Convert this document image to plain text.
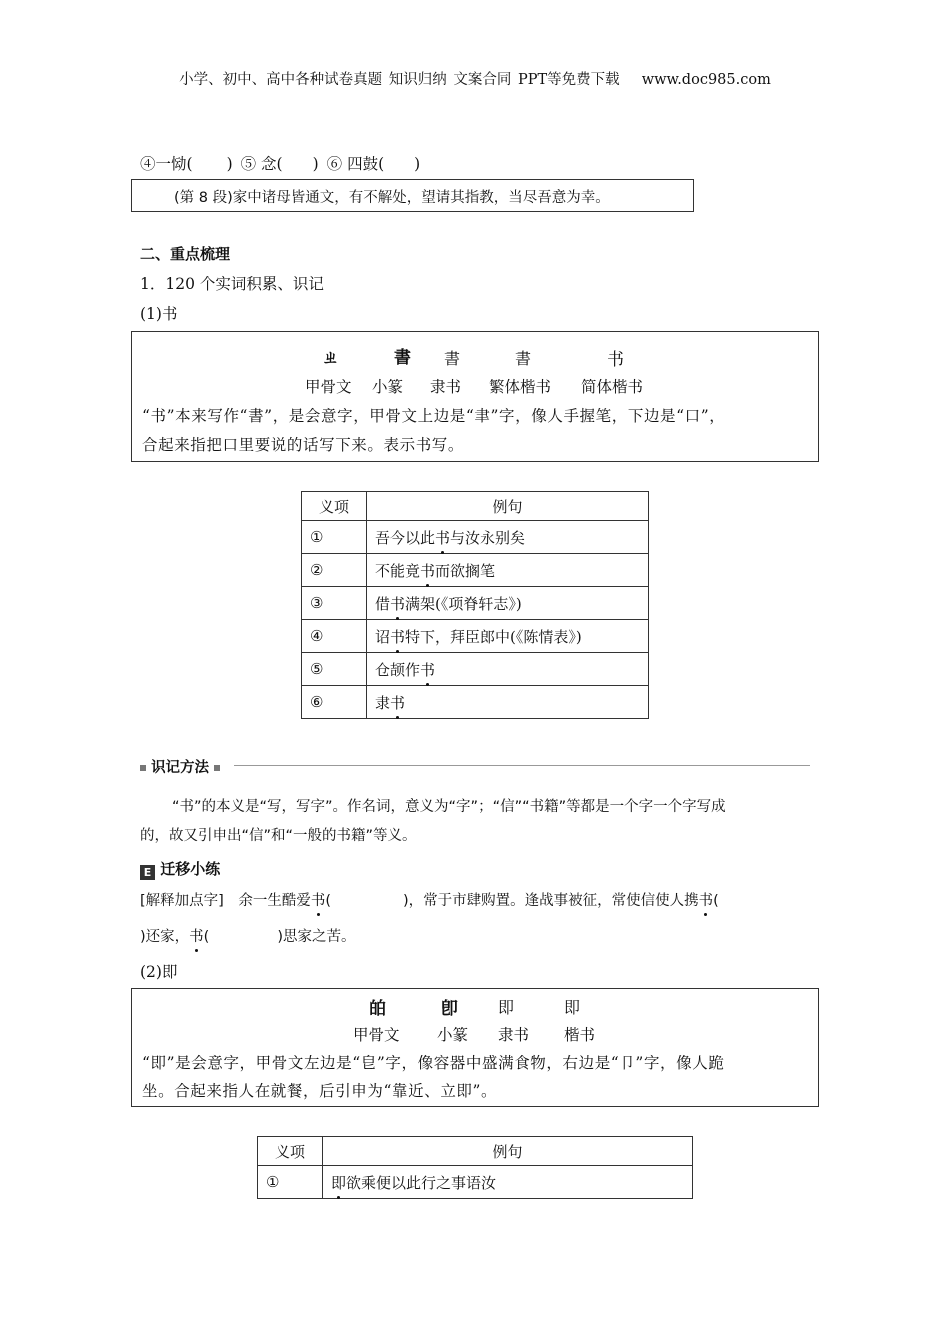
小学、初中、高中各种试卷真题 知识归纳 文案合同 PPT等免费下载 www.doc985.com
④一恸( ) ⑤ 念( ) ⑥ 四鼓( )
(第 8 段)家中诸母皆通文，有不解处，望请其指教，当尽吾意为幸。
二、重点梳理
1．120 个实词积累、识记
(1)书
ㄓ	書 書	書	书
甲骨文 小篆 隶书 繁体楷书 简体楷书
“书”本来写作“書”，是会意字，甲骨文上边是“聿”字，像人手握笔，下边是“口”，
合起来指把口里要说的话写下来。表示书写。
义项	例句
①	吾今以此书与汝永别矣
②	不能竟书而欲搁笔
③	借书满架(《项脊轩志》)
④	诏书特下，拜臣郎中(《陈情表》)
⑤	仓颉作书
⑥	隶书
识记方法
“书”的本义是“写，写字”。作名词，意义为“字”；“信”“书籍”等都是一个字一个字写成
的，故又引申出“信”和“一般的书籍”等义。
E 迁移小练
[解释加点字]　余一生酷爱书(	)，常于市肆购置。逢战事被征，常使信使人携书(
)还家，书(	)思家之苦。
(2)即
㿟	卽	即	即
甲骨文 小篆 隶书 楷书
“即”是会意字，甲骨文左边是“皀”字，像容器中盛满食物，右边是“卩”字，像人跪
坐。合起来指人在就餐，后引申为“靠近、立即”。
义项	例句
①	即欲乘便以此行之事语汝
